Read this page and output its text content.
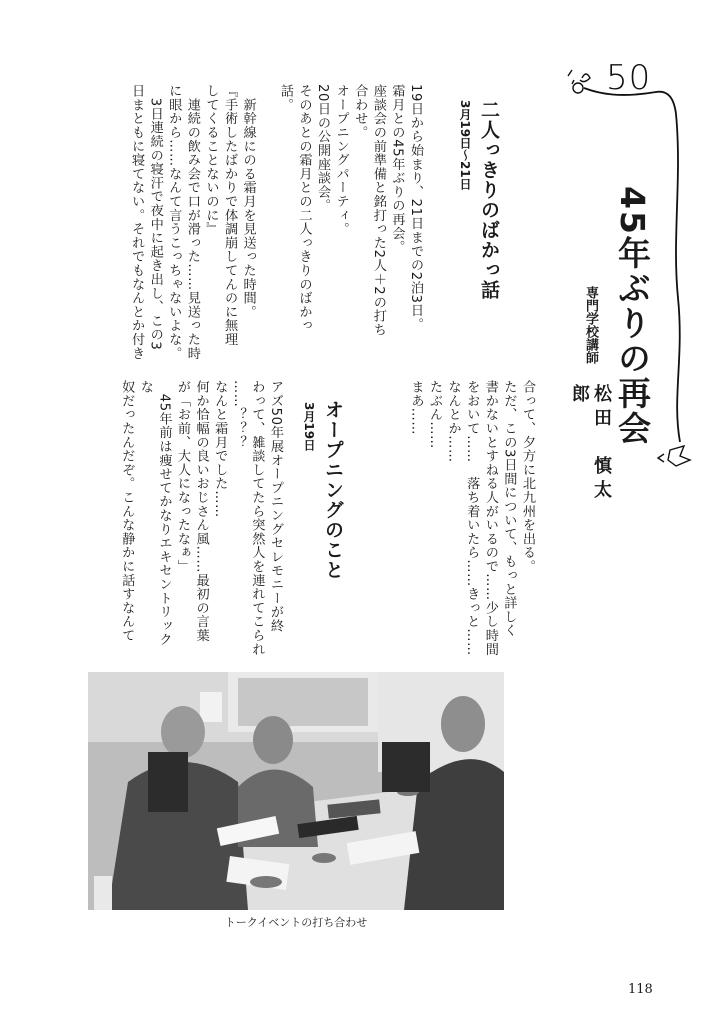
50
45年ぶりの再会
専門学校講師
松田　慎太郎
二人っきりのばかっ話
3月19日～21日

19日から始まり、21日までの2泊3日。

霜月との45年ぶりの再会。

座談会の前準備と銘打った2人＋2の打ち

合わせ。

オープニングパーティ。

20日の公開座談会。

そのあとの霜月との二人っきりのばかっ

話。

　新幹線にのる霜月を見送った時間。

『手術したばかりで体調崩してんのに無理

してくることないのに』

　連続の飲み会で口が滑った……見送った時

に眼から……なんて言うこっちゃないよな。

　3日連続の寝汗で夜中に起き出し、この3

日まともに寝てない。それでもなんとか付き

合って、夕方に北九州を出る。

ただ、この3日間について、もっと詳しく

書かないとすねる人がいるので……少し時間

をおいて……　落ち着いたら……きっと……

なんとか……

たぶん……

まあ……

オープニングのこと
3月19日

アズ50年展オープニングセレモニーが終

わって、雑談してたら突然人を連れてこられ

……？？？

なんと霜月でした……

何か恰幅の良いおじさん風……最初の言葉

が「お前、大人になったなぁ」

　45年前は痩せてかなりエキセントリックな

奴だったんだぞ。こんな静かに話すなんて

トークイベントの打ち合わせ
118
